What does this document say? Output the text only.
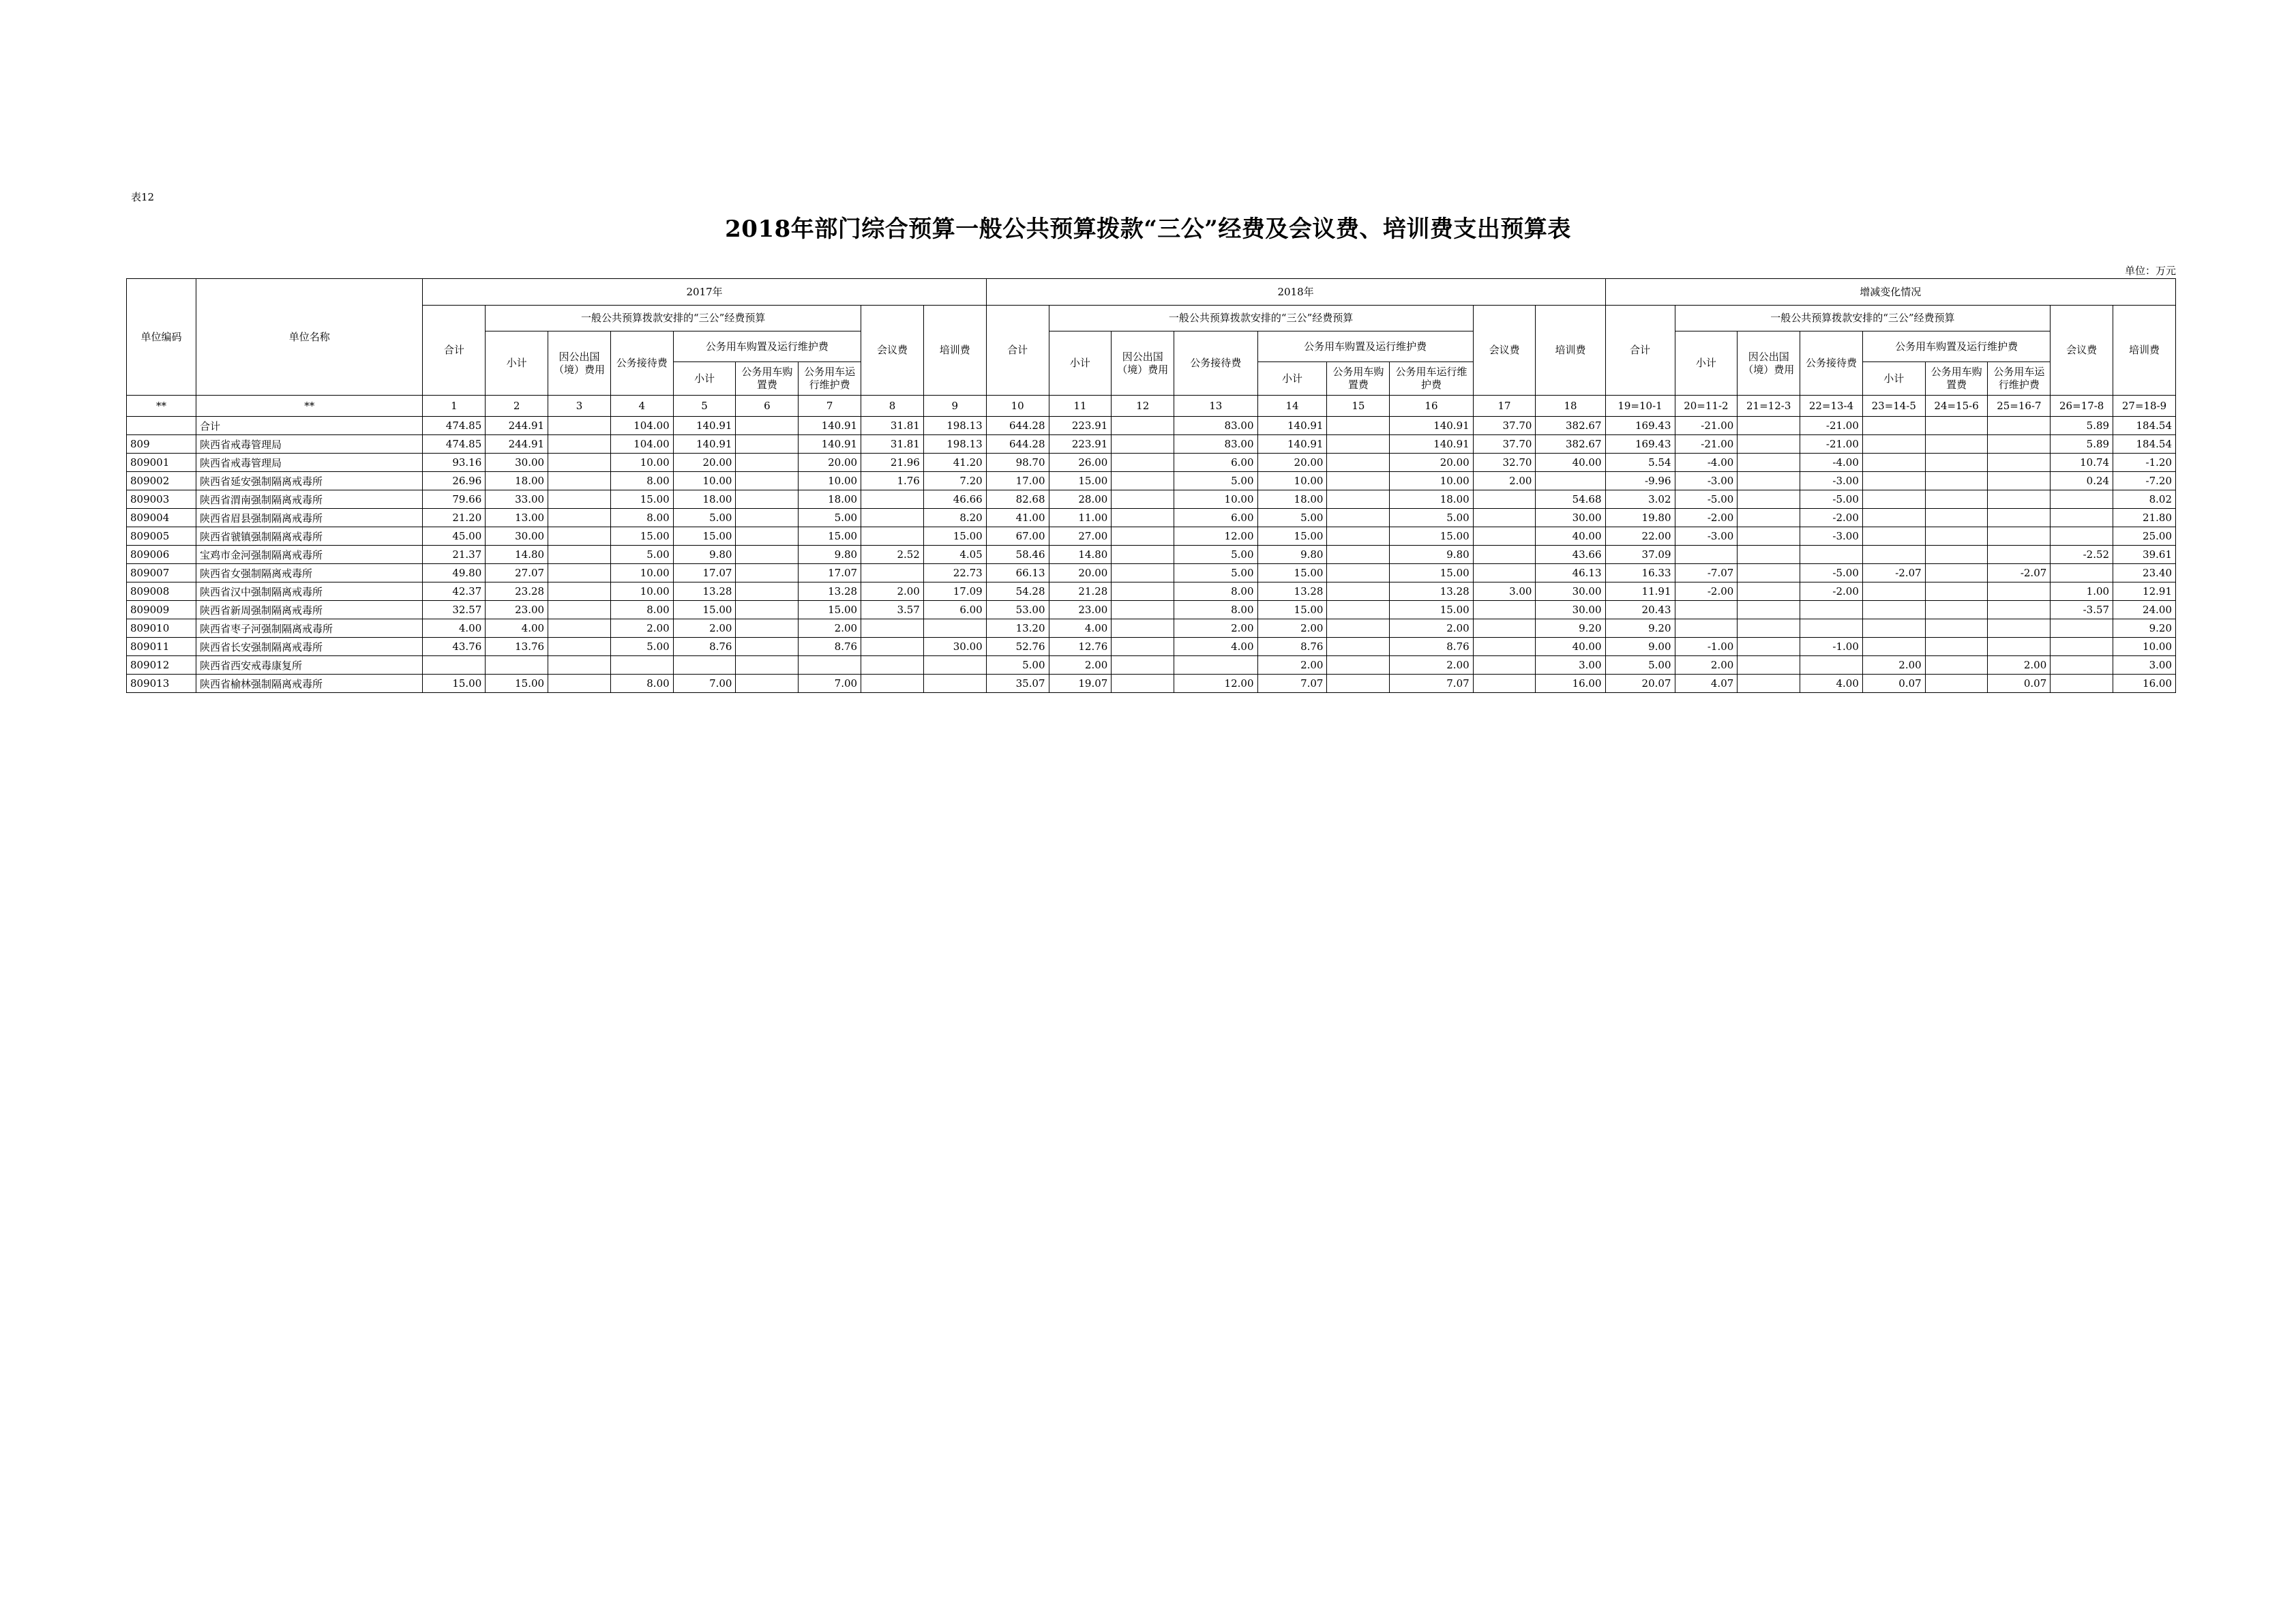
表12
2018年部门综合预算一般公共预算拨款“三公”经费及会议费、培训费支出预算表
单位：万元
单位编码	单位名称	2017年									2018年									增减变化情况								
		合计	一般公共预算拨款安排的“三公”经费预算						会议费	培训费	合计	一般公共预算拨款安排的“三公”经费预算						会议费	培训费	合计	一般公共预算拨款安排的“三公”经费预算						会议费	培训费
			小计	因公出国（境）费用	公务接待费	公务用车购置及运行维护费						小计	因公出国（境）费用	公务接待费	公务用车购置及运行维护费						小计	因公出国（境）费用	公务接待费	公务用车购置及运行维护费				
						小计	公务用车购置费	公务用车运行维护费							小计	公务用车购置费	公务用车运行维护费							小计	公务用车购置费	公务用车运行维护费		
**	**	1	2	3	4	5	6	7	8	9	10	11	12	13	14	15	16	17	18	19=10-1	20=11-2	21=12-3	22=13-4	23=14-5	24=15-6	25=16-7	26=17-8	27=18-9
	合计	474.85	244.91		104.00	140.91		140.91	31.81	198.13	644.28	223.91		83.00	140.91		140.91	37.70	382.67	169.43	-21.00		-21.00				5.89	184.54
809	陕西省戒毒管理局	474.85	244.91		104.00	140.91		140.91	31.81	198.13	644.28	223.91		83.00	140.91		140.91	37.70	382.67	169.43	-21.00		-21.00				5.89	184.54
809001	陕西省戒毒管理局	93.16	30.00		10.00	20.00		20.00	21.96	41.20	98.70	26.00		6.00	20.00		20.00	32.70	40.00	5.54	-4.00		-4.00				10.74	-1.20
809002	陕西省延安强制隔离戒毒所	26.96	18.00		8.00	10.00		10.00	1.76	7.20	17.00	15.00		5.00	10.00		10.00	2.00		-9.96	-3.00		-3.00				0.24	-7.20
809003	陕西省渭南强制隔离戒毒所	79.66	33.00		15.00	18.00		18.00		46.66	82.68	28.00		10.00	18.00		18.00		54.68	3.02	-5.00		-5.00					8.02
809004	陕西省眉县强制隔离戒毒所	21.20	13.00		8.00	5.00		5.00		8.20	41.00	11.00		6.00	5.00		5.00		30.00	19.80	-2.00		-2.00					21.80
809005	陕西省虢镇强制隔离戒毒所	45.00	30.00		15.00	15.00		15.00		15.00	67.00	27.00		12.00	15.00		15.00		40.00	22.00	-3.00		-3.00					25.00
809006	宝鸡市金河强制隔离戒毒所	21.37	14.80		5.00	9.80		9.80	2.52	4.05	58.46	14.80		5.00	9.80		9.80		43.66	37.09							-2.52	39.61
809007	陕西省女强制隔离戒毒所	49.80	27.07		10.00	17.07		17.07		22.73	66.13	20.00		5.00	15.00		15.00		46.13	16.33	-7.07		-5.00	-2.07		-2.07		23.40
809008	陕西省汉中强制隔离戒毒所	42.37	23.28		10.00	13.28		13.28	2.00	17.09	54.28	21.28		8.00	13.28		13.28	3.00	30.00	11.91	-2.00		-2.00				1.00	12.91
809009	陕西省新周强制隔离戒毒所	32.57	23.00		8.00	15.00		15.00	3.57	6.00	53.00	23.00		8.00	15.00		15.00		30.00	20.43							-3.57	24.00
809010	陕西省枣子河强制隔离戒毒所	4.00	4.00		2.00	2.00		2.00			13.20	4.00		2.00	2.00		2.00		9.20	9.20								9.20
809011	陕西省长安强制隔离戒毒所	43.76	13.76		5.00	8.76		8.76		30.00	52.76	12.76		4.00	8.76		8.76		40.00	9.00	-1.00		-1.00					10.00
809012	陕西省西安戒毒康复所										5.00	2.00			2.00		2.00		3.00	5.00	2.00			2.00		2.00		3.00
809013	陕西省榆林强制隔离戒毒所	15.00	15.00		8.00	7.00		7.00			35.07	19.07		12.00	7.07		7.07		16.00	20.07	4.07		4.00	0.07		0.07		16.00
